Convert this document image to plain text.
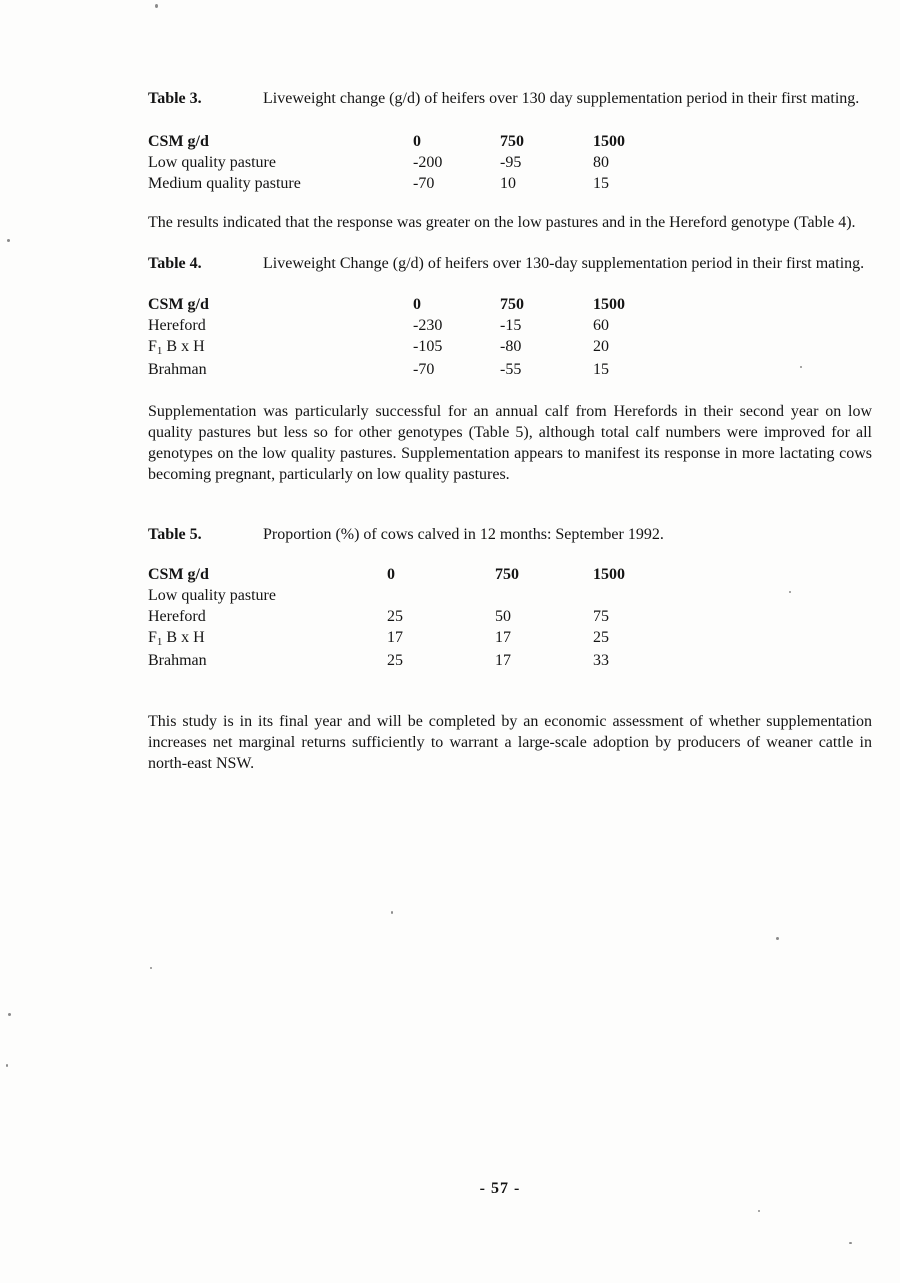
Table 3.	Liveweight change (g/d) of heifers over 130 day supplementation period in their first mating.

CSM g/d	0	750	1500
Low quality pasture	-200	-95	80
Medium quality pasture	-70	10	15

The results indicated that the response was greater on the low pastures and in the Hereford genotype (Table 4).

Table 4.	Liveweight Change (g/d) of heifers over 130-day supplementation period in their first mating.

CSM g/d	0	750	1500
Hereford	-230	-15	60
$F_1$ B x H	-105	-80	20
Brahman	-70	-55	15

Supplementation was particularly successful for an annual calf from Herefords in their second year on low quality pastures but less so for other genotypes (Table 5), although total calf numbers were improved for all genotypes on the low quality pastures. Supplementation appears to manifest its response in more lactating cows becoming pregnant, particularly on low quality pastures.

Table 5.	Proportion (%) of cows calved in 12 months: September 1992.

CSM g/d	0	750	1500
Low quality pasture
Hereford	25	50	75
$F_1$ B x H	17	17	25
Brahman	25	17	33

This study is in its final year and will be completed by an economic assessment of whether supplementation increases net marginal returns sufficiently to warrant a large-scale adoption by producers of weaner cattle in north-east NSW.

- 57 -
